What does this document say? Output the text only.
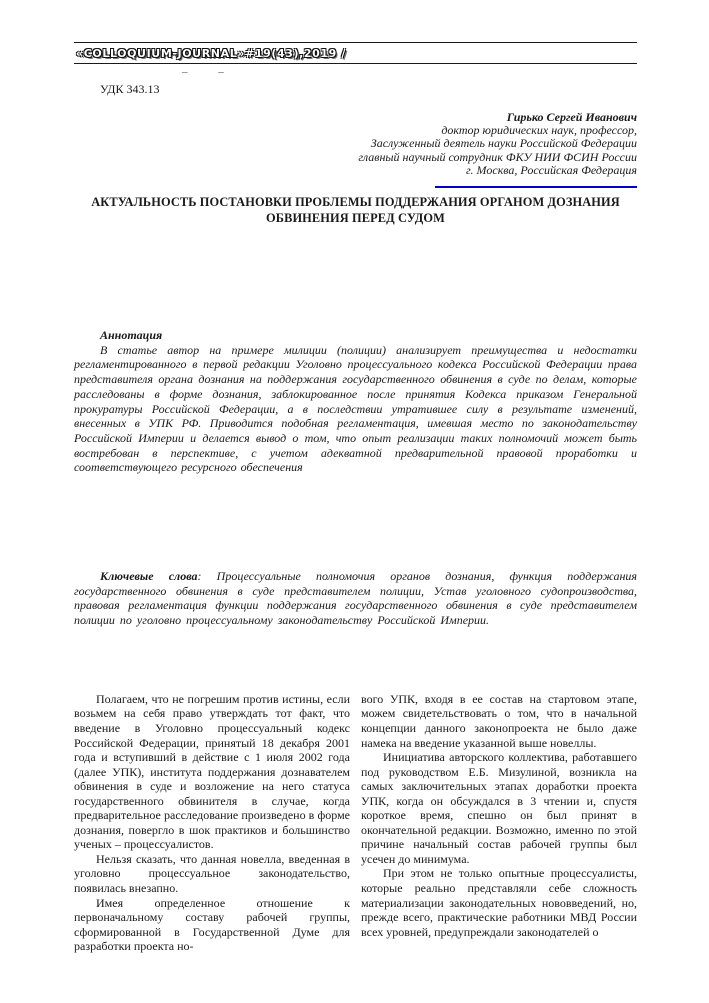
«COLLOQUIUM-JOURNAL»#19(43),2019 /
–	–
УДК 343.13
Гирько Сергей Иванович
доктор юридических наук, профессор,
Заслуженный деятель науки Российской Федерации
главный научный сотрудник ФКУ НИИ ФСИН России
г. Москва, Российская Федерация
АКТУАЛЬНОСТЬ ПОСТАНОВКИ ПРОБЛЕМЫ ПОДДЕРЖАНИЯ ОРГАНОМ ДОЗНАНИЯ ОБВИНЕНИЯ ПЕРЕД СУДОМ
Аннотация

В статье автор на примере милиции (полиции) анализирует преимущества и недостатки регламентированного в первой редакции Уголовно процессуального кодекса Российской Федерации права представителя органа дознания на поддержания государственного обвинения в суде по делам, которые расследованы в форме дознания, заблокированное после принятия Кодекса приказом Генеральной прокуратуры Российской Федерации, а в последствии утратившее силу в результате изменений, внесенных в УПК РФ. Приводится подобная регламентация, имевшая место по законодательству Российской Империи и делается вывод о том, что опыт реализации таких полномочий может быть востребован в перспективе, с учетом адекватной предварительной правовой проработки и соответствующего ресурсного обеспечения

Ключевые слова: Процессуальные полномочия органов дознания, функция поддержания государственного обвинения в суде представителем полиции, Устав уголовного судопроизводства, правовая регламентация функции поддержания государственного обвинения в суде представителем полиции по уголовно процессуальному законодательству Российской Империи.

Полагаем, что не погрешим против истины, если возьмем на себя право утверждать тот факт, что введение в Уголовно процессуальный кодекс Российской Федерации, принятый 18 декабря 2001 года и вступивший в действие с 1 июля 2002 года (далее УПК), института поддержания дознавателем обвинения в суде и возложение на него статуса государственного обвинителя в случае, когда предварительное расследование произведено в форме дознания, повергло в шок практиков и большинство ученых – процессуалистов.

Нельзя сказать, что данная новелла, введенная в уголовно процессуальное законодательство, появилась внезапно.

Имея определенное отношение к первоначальному составу рабочей группы, сформированной в Государственной Думе для разработки проекта но-

вого УПК, входя в ее состав на стартовом этапе, можем свидетельствовать о том, что в начальной концепции данного законопроекта не было даже намека на введение указанной выше новеллы.

Инициатива авторского коллектива, работавшего под руководством Е.Б. Мизулиной, возникла на самых заключительных этапах доработки проекта УПК, когда он обсуждался в 3 чтении и, спустя короткое время, спешно он был принят в окончательной редакции. Возможно, именно по этой причине начальный состав рабочей группы был усечен до минимума.

При этом не только опытные процессуалисты, которые реально представляли себе сложность материализации законодательных нововведений, но, прежде всего, практические работники МВД России всех уровней, предупреждали законодателей о
